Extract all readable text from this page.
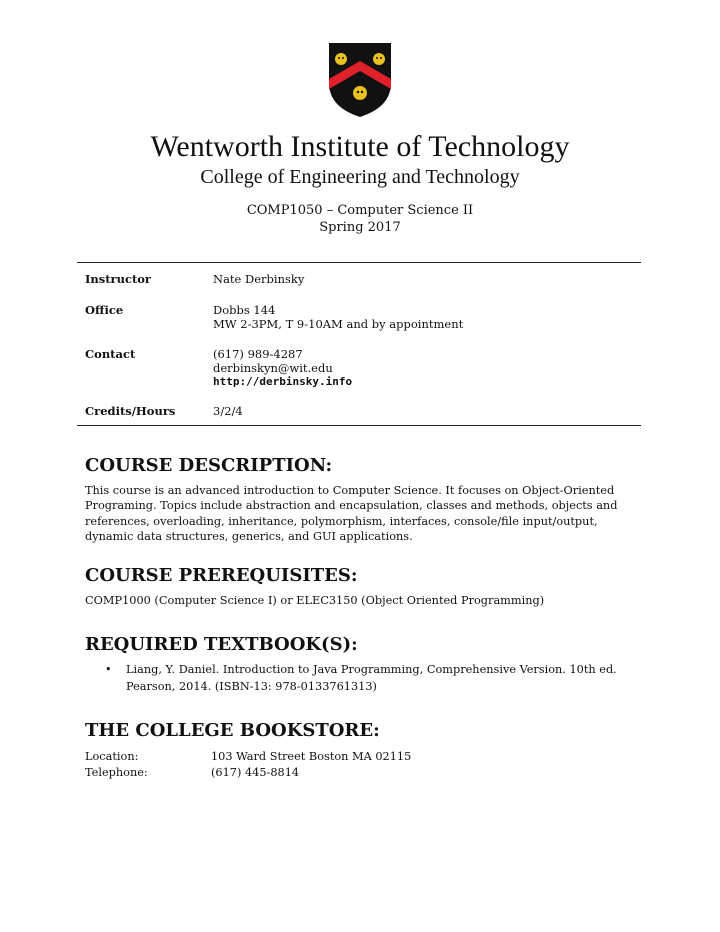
Wentworth Institute of Technology
College of Engineering and Technology
COMP1050 – Computer Science II
Spring 2017
Instructor	Nate Derbinsky
Office	Dobbs 144
MW 2-3PM, T 9-10AM and by appointment
Contact	(617) 989-4287
derbinskyn@wit.edu
http://derbinsky.info
Credits/Hours	3/2/4
COURSE DESCRIPTION:
This course is an advanced introduction to Computer Science. It focuses on Object-Oriented Programing. Topics include abstraction and encapsulation, classes and methods, objects and references, overloading, inheritance, polymorphism, interfaces, console/file input/output, dynamic data structures, generics, and GUI applications.
COURSE PREREQUISITES:
COMP1000 (Computer Science I) or ELEC3150 (Object Oriented Programming)
REQUIRED TEXTBOOK(S):
• Liang, Y. Daniel. Introduction to Java Programming, Comprehensive Version. 10th ed. Pearson, 2014. (ISBN-13: 978-0133761313)
THE COLLEGE BOOKSTORE:
Location:	103 Ward Street Boston MA 02115
Telephone:	(617) 445-8814
